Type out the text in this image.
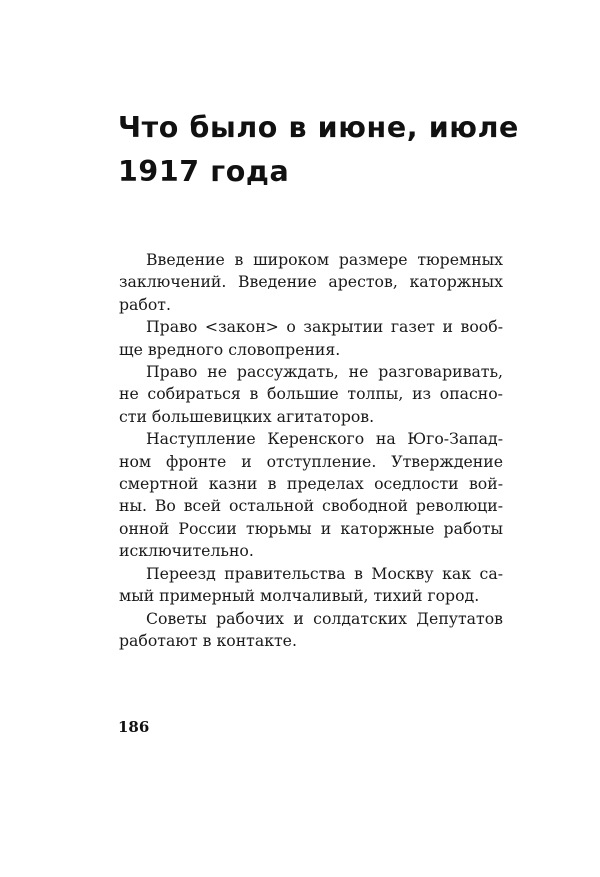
Что было в июне, июле
1917 года
Введение в широком размере тюремных
заключений. Введение арестов, каторжных
работ.
Право <закон> о закрытии газет и вооб-
ще вредного словопрения.
Право не рассуждать, не разговаривать,
не собираться в большие толпы, из опасно-
сти большевицких агитаторов.
Наступление Керенского на Юго-Запад-
ном фронте и отступление. Утверждение
смертной казни в пределах оседлости вой-
ны. Во всей остальной свободной революци-
онной России тюрьмы и каторжные работы
исключительно.
Переезд правительства в Москву как са-
мый примерный молчаливый, тихий город.
Советы рабочих и солдатских Депутатов
работают в контакте.
186
